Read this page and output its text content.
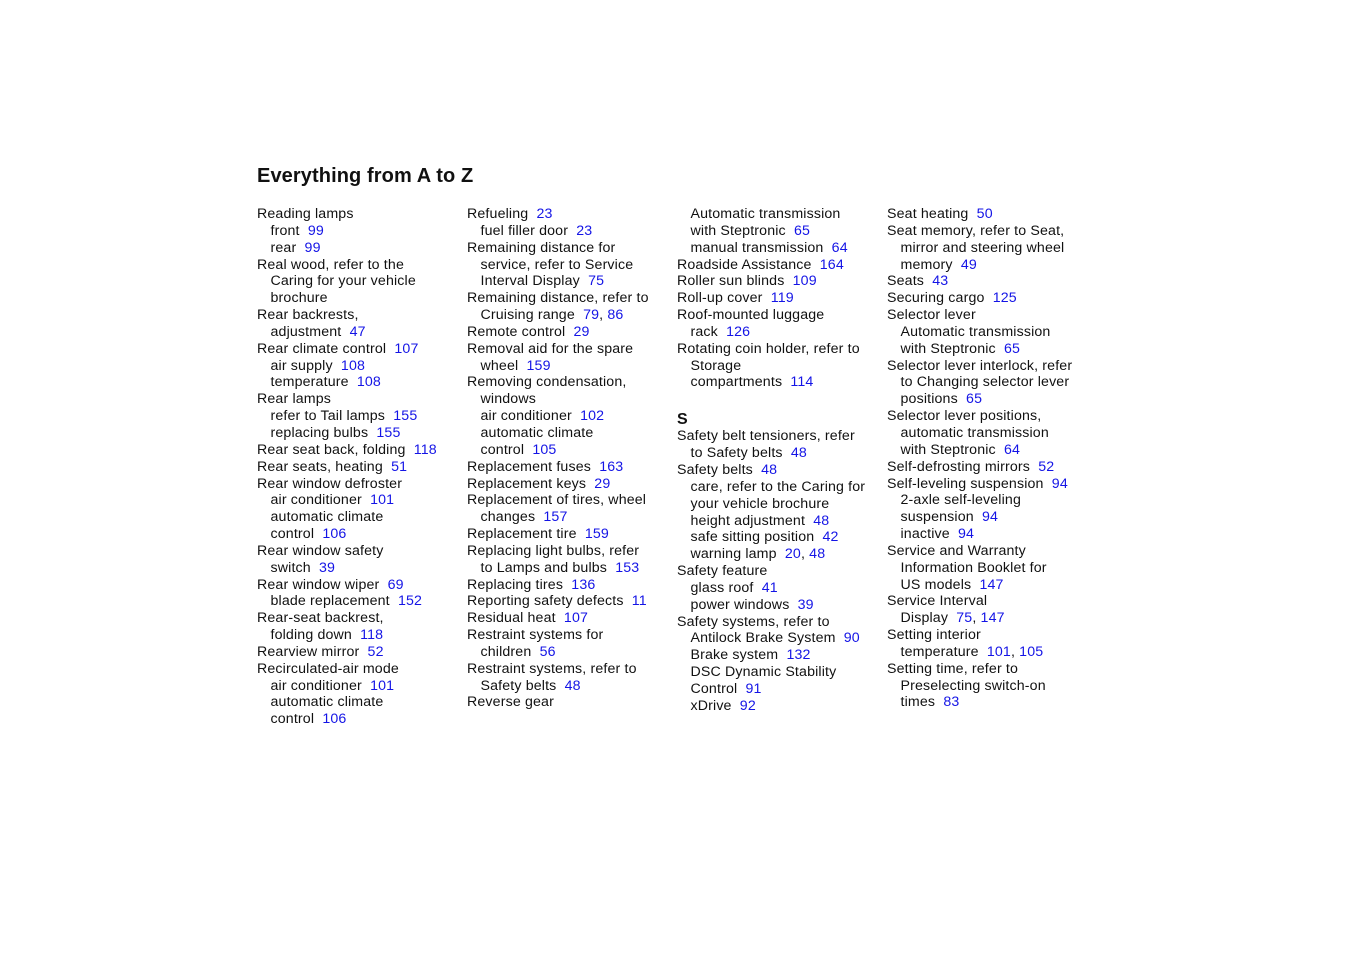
Everything from A to Z
Reading lamps
front 99
rear 99
Real wood, refer to the
Caring for your vehicle
brochure
Rear backrests,
adjustment 47
Rear climate control 107
air supply 108
temperature 108
Rear lamps
refer to Tail lamps 155
replacing bulbs 155
Rear seat back, folding 118
Rear seats, heating 51
Rear window defroster
air conditioner 101
automatic climate
control 106
Rear window safety
switch 39
Rear window wiper 69
blade replacement 152
Rear-seat backrest,
folding down 118
Rearview mirror 52
Recirculated-air mode
air conditioner 101
automatic climate
control 106
Refueling 23
fuel filler door 23
Remaining distance for
service, refer to Service
Interval Display 75
Remaining distance, refer to
Cruising range 79, 86
Remote control 29
Removal aid for the spare
wheel 159
Removing condensation,
windows
air conditioner 102
automatic climate
control 105
Replacement fuses 163
Replacement keys 29
Replacement of tires, wheel
changes 157
Replacement tire 159
Replacing light bulbs, refer
to Lamps and bulbs 153
Replacing tires 136
Reporting safety defects 11
Residual heat 107
Restraint systems for
children 56
Restraint systems, refer to
Safety belts 48
Reverse gear
Automatic transmission
with Steptronic 65
manual transmission 64
Roadside Assistance 164
Roller sun blinds 109
Roll-up cover 119
Roof-mounted luggage
rack 126
Rotating coin holder, refer to
Storage
compartments 114
S
Safety belt tensioners, refer
to Safety belts 48
Safety belts 48
care, refer to the Caring for
your vehicle brochure
height adjustment 48
safe sitting position 42
warning lamp 20, 48
Safety feature
glass roof 41
power windows 39
Safety systems, refer to
Antilock Brake System 90
Brake system 132
DSC Dynamic Stability
Control 91
xDrive 92
Seat heating 50
Seat memory, refer to Seat,
mirror and steering wheel
memory 49
Seats 43
Securing cargo 125
Selector lever
Automatic transmission
with Steptronic 65
Selector lever interlock, refer
to Changing selector lever
positions 65
Selector lever positions,
automatic transmission
with Steptronic 64
Self-defrosting mirrors 52
Self-leveling suspension 94
2-axle self-leveling
suspension 94
inactive 94
Service and Warranty
Information Booklet for
US models 147
Service Interval
Display 75, 147
Setting interior
temperature 101, 105
Setting time, refer to
Preselecting switch-on
times 83
